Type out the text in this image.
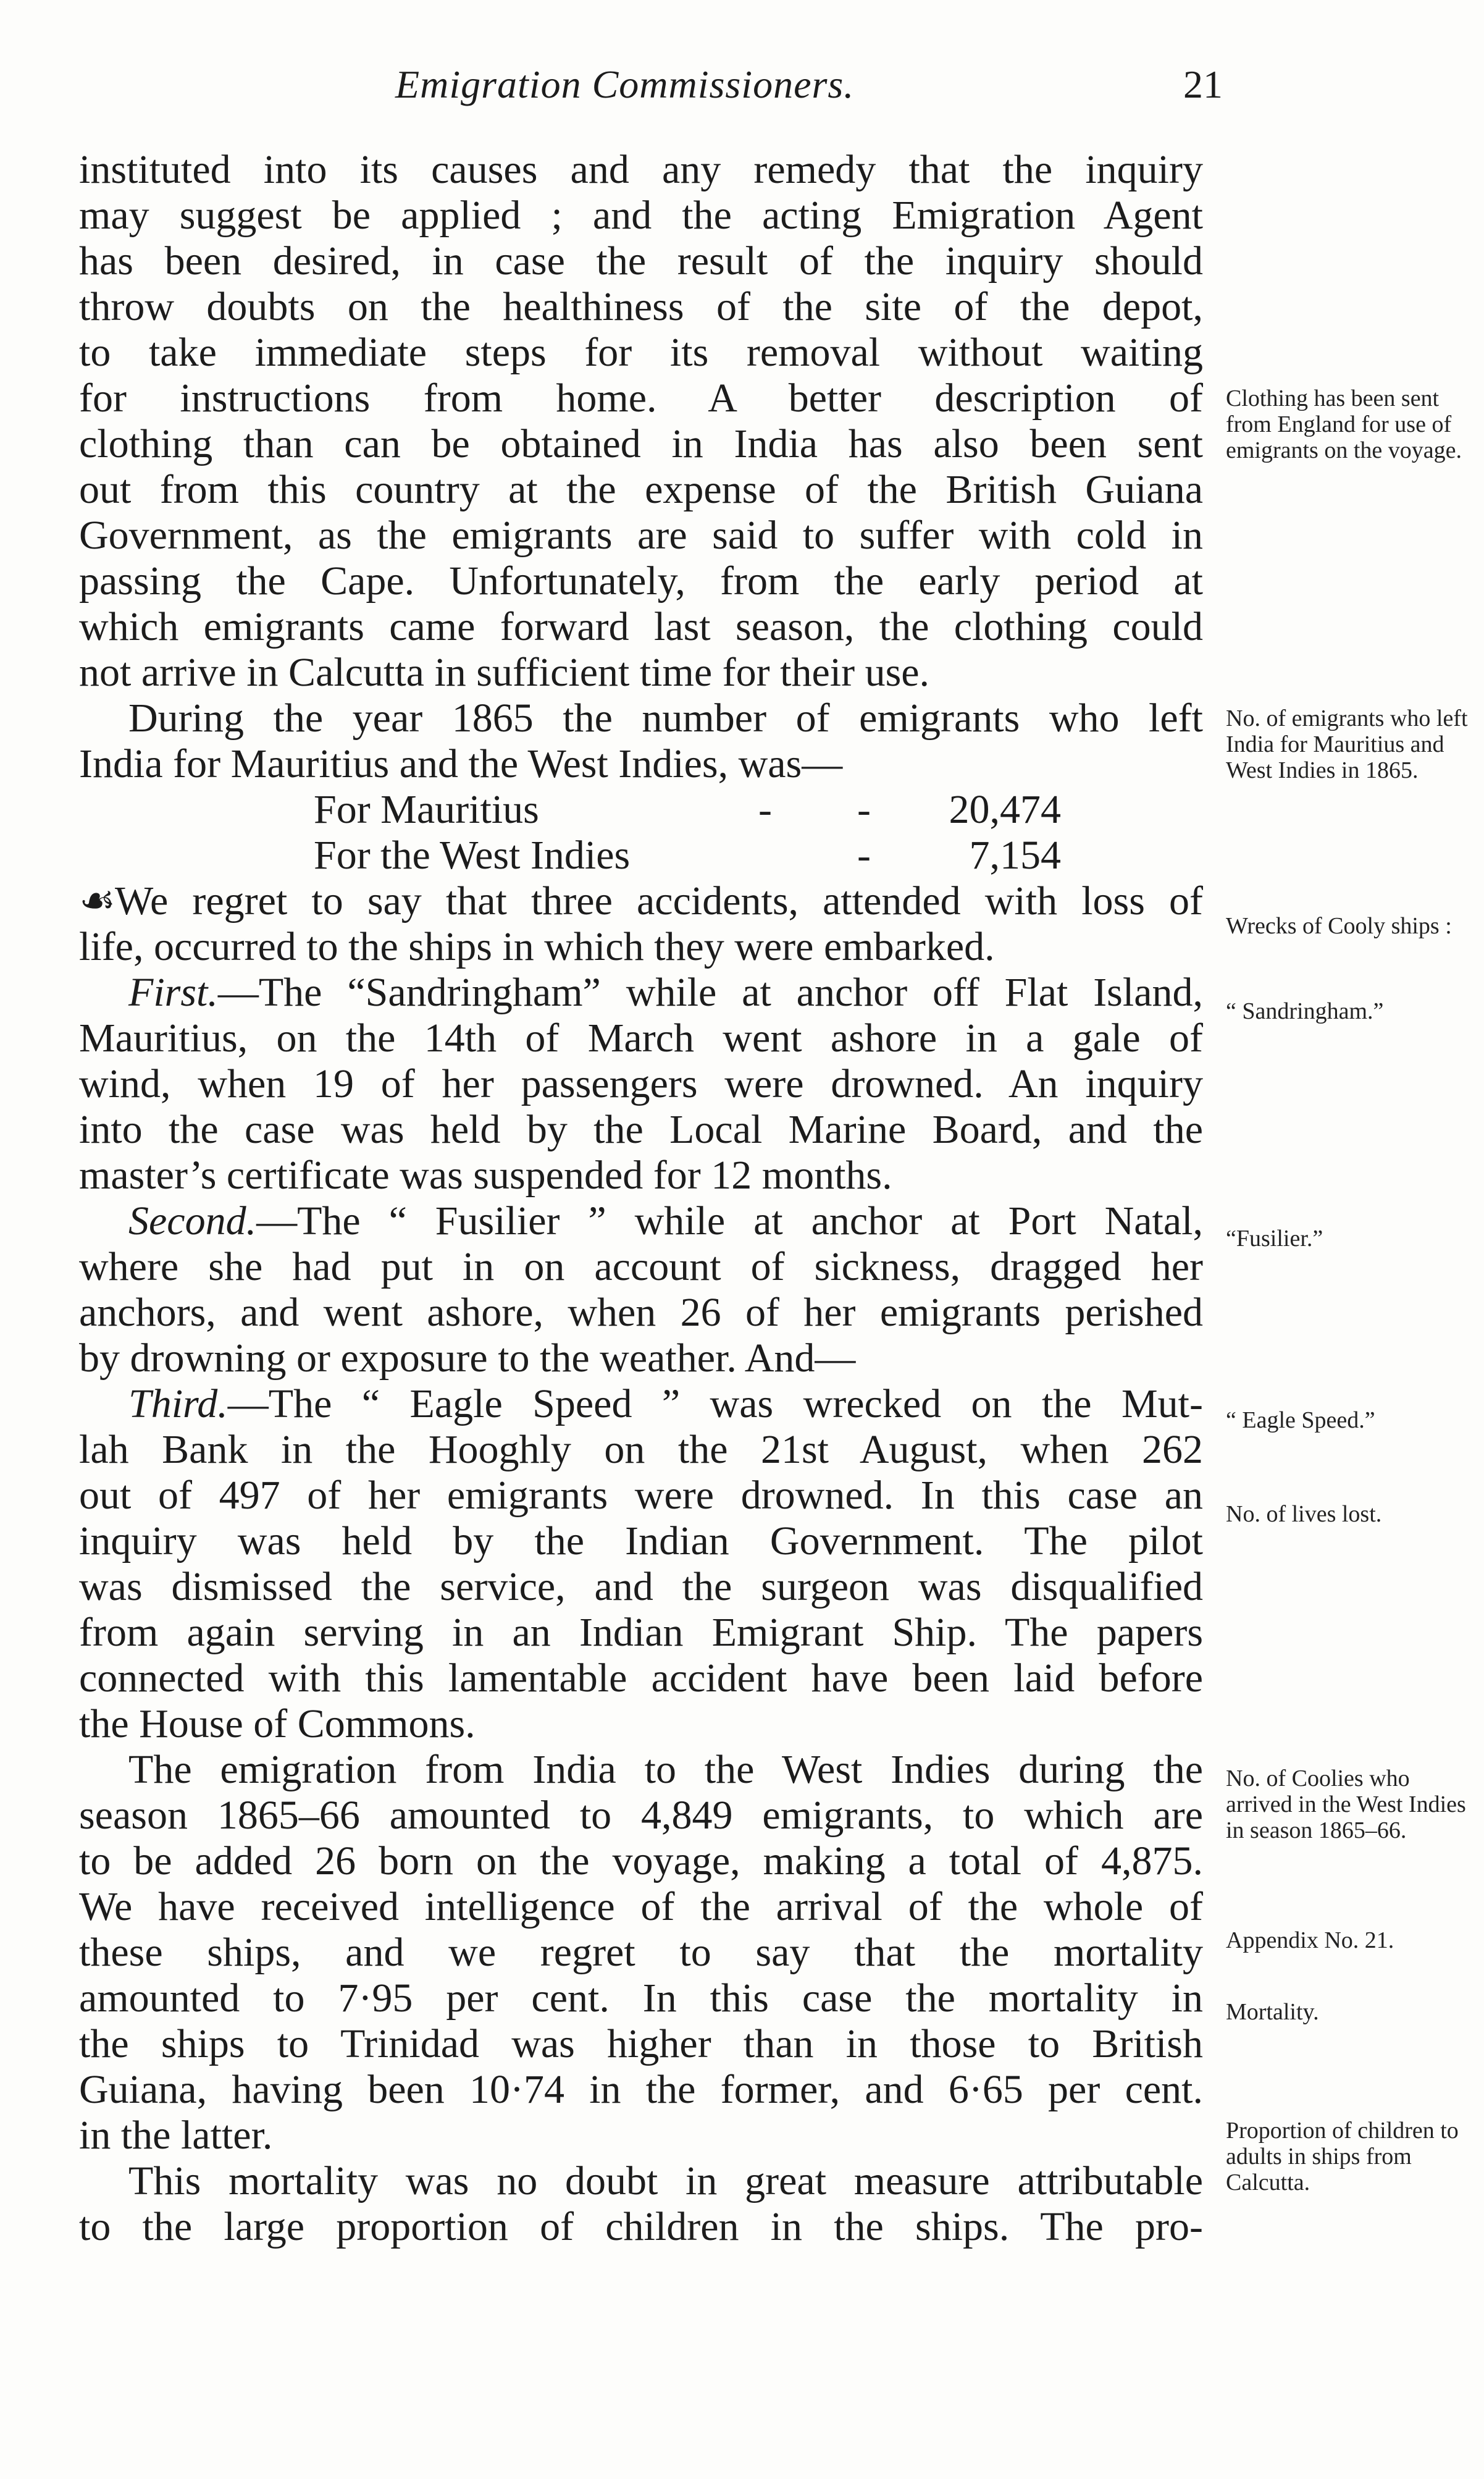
Emigration Commissioners.	21
instituted into its causes and any remedy that the inquiry
may suggest be applied ; and the acting Emigration Agent
has been desired, in case the result of the inquiry should
throw doubts on the healthiness of the site of the depot,
to take immediate steps for its removal without waiting
for instructions from home. A better description of
clothing than can be obtained in India has also been sent
out from this country at the expense of the British Guiana
Government, as the emigrants are said to suffer with cold in
passing the Cape. Unfortunately, from the early period at
which emigrants came forward last season, the clothing could
not arrive in Calcutta in sufficient time for their use.
During the year 1865 the number of emigrants who left
India for Mauritius and the West Indies, was—
For Mauritius	- -	20,474
For the West Indies	-	7,154
☙We regret to say that three accidents, attended with loss of
life, occurred to the ships in which they were embarked.
First.—The “Sandringham” while at anchor off Flat Island,
Mauritius, on the 14th of March went ashore in a gale of
wind, when 19 of her passengers were drowned. An inquiry
into the case was held by the Local Marine Board, and the
master’s certificate was suspended for 12 months.
Second.—The “ Fusilier ” while at anchor at Port Natal,
where she had put in on account of sickness, dragged her
anchors, and went ashore, when 26 of her emigrants perished
by drowning or exposure to the weather. And—
Third.—The “ Eagle Speed ” was wrecked on the Mut-
lah Bank in the Hooghly on the 21st August, when 262
out of 497 of her emigrants were drowned. In this case an
inquiry was held by the Indian Government. The pilot
was dismissed the service, and the surgeon was disqualified
from again serving in an Indian Emigrant Ship. The papers
connected with this lamentable accident have been laid before
the House of Commons.
The emigration from India to the West Indies during the
season 1865–66 amounted to 4,849 emigrants, to which are
to be added 26 born on the voyage, making a total of 4,875.
We have received intelligence of the arrival of the whole of
these ships, and we regret to say that the mortality
amounted to 7·95 per cent. In this case the mortality in
the ships to Trinidad was higher than in those to British
Guiana, having been 10·74 in the former, and 6·65 per cent.
in the latter.
This mortality was no doubt in great measure attributable
to the large proportion of children in the ships. The pro-
Clothing has been sent from England for use of emigrants on the voyage.
No. of emigrants who left India for Mauritius and West Indies in 1865.
Wrecks of Cooly ships :
“ Sandringham.”
“Fusilier.”
“ Eagle Speed.”
No. of lives lost.
No. of Coolies who arrived in the West Indies in season 1865–66.
Appendix No. 21.
Mortality.
Proportion of children to adults in ships from Calcutta.
